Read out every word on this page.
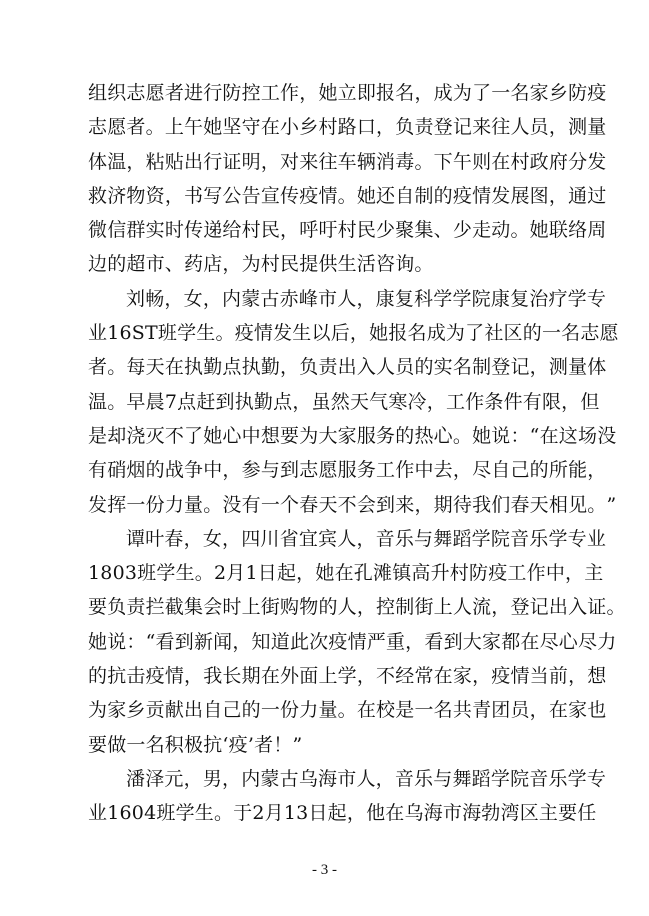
组 织 志 愿 者 进 行 防 控 工 作 ， 她 立 即 报 名 ， 成 为 了 一 名 家 乡 防 疫
志 愿 者 。 上 午 她 坚 守 在 小 乡 村 路 口 ， 负 责 登 记 来 往 人 员 ， 测 量
体 温 ， 粘 贴 出 行 证 明 ， 对 来 往 车 辆 消 毒 。 下 午 则 在 村 政 府 分 发
救 济 物 资 ， 书 写 公 告 宣 传 疫 情 。 她 还 自 制 的 疫 情 发 展 图 ， 通 过
微 信 群 实 时 传 递 给 村 民 ， 呼 吁 村 民 少 聚 集 、 少 走 动 。 她 联 络 周
边的超市、药店，为村民提供生活咨询。
刘 畅 ， 女 ， 内 蒙 古 赤 峰 市 人 ， 康 复 科 学 学 院 康 复 治 疗 学 专
业 16ST 班 学 生 。 疫 情 发 生 以 后 ， 她 报 名 成 为 了 社 区 的 一 名 志 愿
者 。 每 天 在 执 勤 点 执 勤 ， 负 责 出 入 人 员 的 实 名 制 登 记 ， 测 量 体
温 。 早 晨 7 点 赶 到 执 勤 点 ， 虽 然 天 气 寒 冷 ， 工 作 条 件 有 限 ， 但
是 却 浇 灭 不 了 她 心 中 想 要 为 大 家 服 务 的 热 心 。 她 说 ： “ 在 这 场 没
有 硝 烟 的 战 争 中 ， 参 与 到 志 愿 服 务 工 作 中 去 ， 尽 自 己 的 所 能 ，
发 挥 一 份 力 量 。 没 有 一 个 春 天 不 会 到 来 ， 期 待 我 们 春 天 相 见 。 ”
谭 叶 春 ， 女 ， 四 川 省 宜 宾 人 ， 音 乐 与 舞 蹈 学 院 音 乐 学 专 业
1803 班 学 生 。 2 月 1 日 起 ， 她 在 孔 滩 镇 高 升 村 防 疫 工 作 中 ， 主
要 负 责 拦 截 集 会 时 上 街 购 物 的 人 ， 控 制 街 上 人 流 ， 登 记 出 入 证 。
她 说 ： “ 看 到 新 闻 ， 知 道 此 次 疫 情 严 重 ， 看 到 大 家 都 在 尽 心 尽 力
的 抗 击 疫 情 ， 我 长 期 在 外 面 上 学 ， 不 经 常 在 家 ， 疫 情 当 前 ， 想
为 家 乡 贡 献 出 自 己 的 一 份 力 量 。 在 校 是 一 名 共 青 团 员 ， 在 家 也
要做一名积极抗‘疫’者！”
潘 泽 元 ， 男 ， 内 蒙 古 乌 海 市 人 ， 音 乐 与 舞 蹈 学 院 音 乐 学 专
业 1604 班 学 生 。 于 2 月 13 日 起 ， 他 在 乌 海 市 海 勃 湾 区 主 要 任
- 3 -
